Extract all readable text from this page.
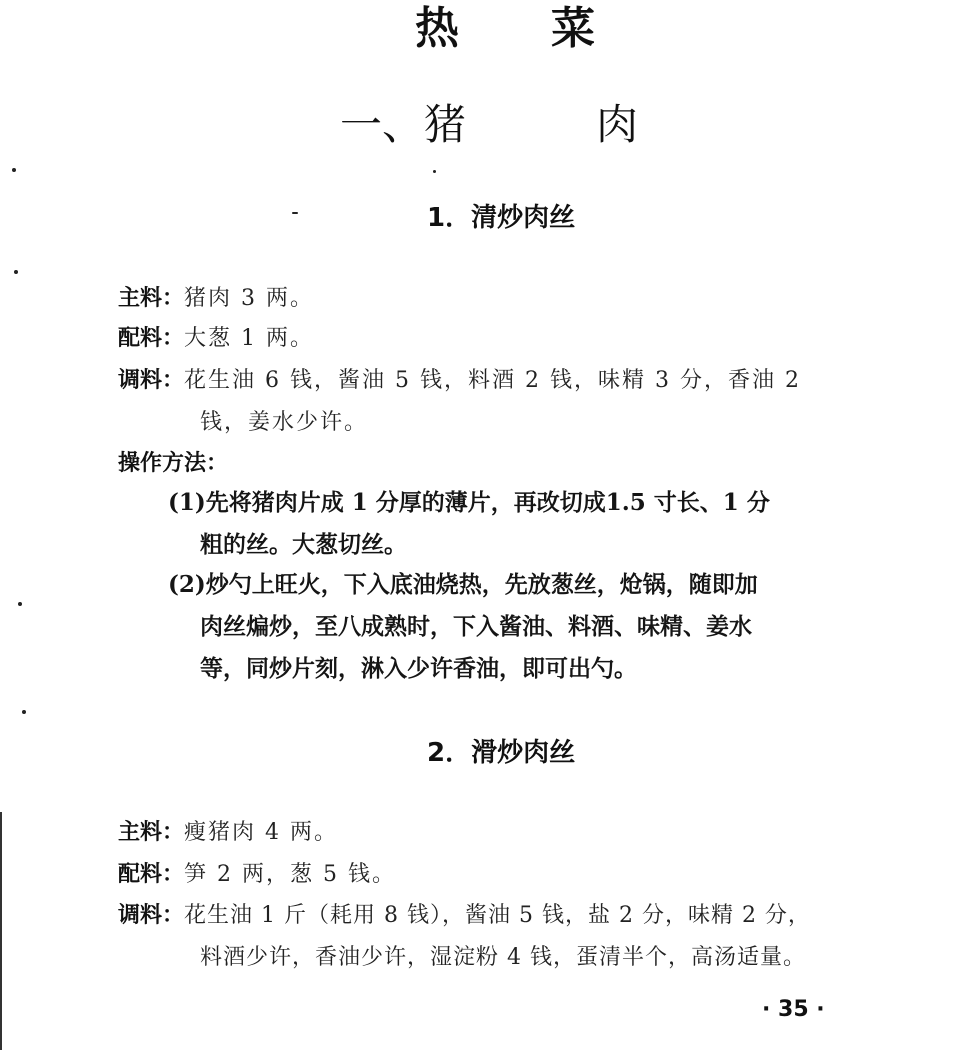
热 菜
一、猪	肉
1．清炒肉丝
主料：猪肉 3 两。
配料：大葱 1 两。
调料：花生油 6 钱，酱油 5 钱，料酒 2 钱，味精 3 分，香油 2
钱，姜水少许。
操作方法：
(1)先将猪肉片成 1 分厚的薄片，再改切成1.5 寸长、1 分
粗的丝。大葱切丝。
(2)炒勺上旺火，下入底油烧热，先放葱丝，炝锅，随即加
肉丝煸炒，至八成熟时，下入酱油、料酒、味精、姜水
等，同炒片刻，淋入少许香油，即可出勺。
2．滑炒肉丝
主料：瘦猪肉 4 两。
配料：笋 2 两，葱 5 钱。
调料：花生油 1 斤（耗用 8 钱），酱油 5 钱，盐 2 分，味精 2 分，
料酒少许，香油少许，湿淀粉 4 钱，蛋清半个，高汤适量。
· 35 ·
